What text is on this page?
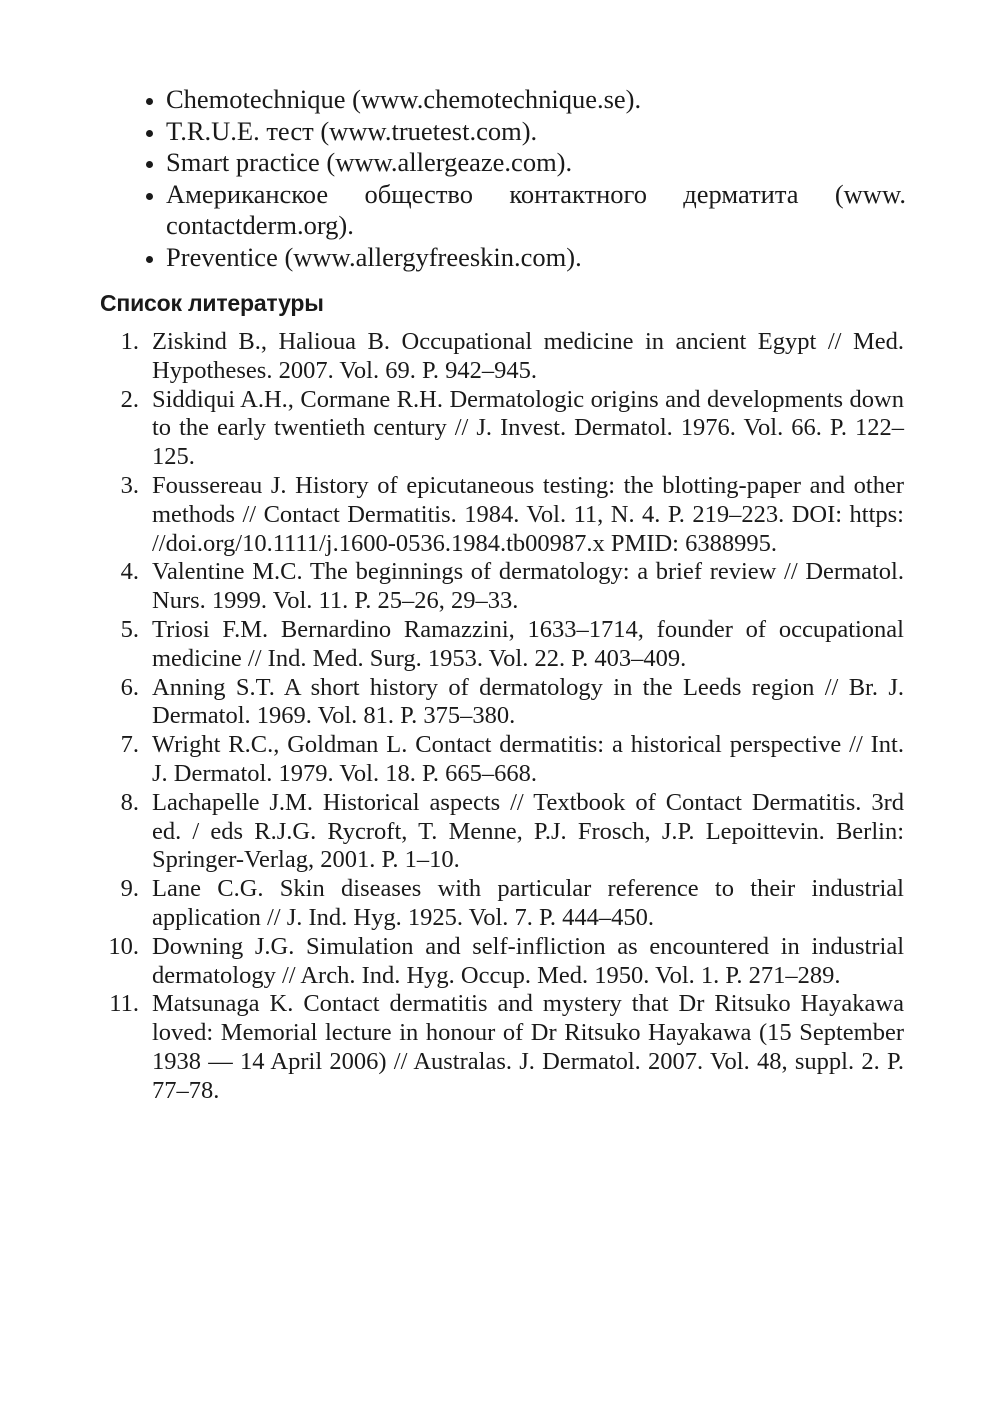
Chemotechnique (www.chemotechnique.se).
T.R.U.E. тест (www.truetest.com).
Smart practice (www.allergeaze.com).
Американское общество контактного дерматита (www. contactderm.org).
Preventice (www.allergyfreeskin.com).
Список литературы
1. Ziskind B., Halioua B. Occupational medicine in ancient Egypt // Med. Hypotheses. 2007. Vol. 69. P. 942–945.
2. Siddiqui A.H., Cormane R.H. Dermatologic origins and developments down to the early twentieth century // J. Invest. Dermatol. 1976. Vol. 66. P. 122–125.
3. Foussereau J. History of epicutaneous testing: the blotting-paper and other methods // Contact Dermatitis. 1984. Vol. 11, N. 4. P. 219–223. DOI: https: //doi.org/10.1111/j.1600-0536.1984.tb00987.x PMID: 6388995.
4. Valentine M.C. The beginnings of dermatology: a brief review // Dermatol. Nurs. 1999. Vol. 11. P. 25–26, 29–33.
5. Triosi F.M. Bernardino Ramazzini, 1633–1714, founder of occupational medicine // Ind. Med. Surg. 1953. Vol. 22. P. 403–409.
6. Anning S.T. A short history of dermatology in the Leeds region // Br. J. Dermatol. 1969. Vol. 81. P. 375–380.
7. Wright R.C., Goldman L. Contact dermatitis: a historical perspective // Int. J. Dermatol. 1979. Vol. 18. P. 665–668.
8. Lachapelle J.M. Historical aspects // Textbook of Contact Dermatitis. 3rd ed. / eds R.J.G. Rycroft, T. Menne, P.J. Frosch, J.P. Lepoittevin. Berlin: Springer-Verlag, 2001. P. 1–10.
9. Lane C.G. Skin diseases with particular reference to their industrial application // J. Ind. Hyg. 1925. Vol. 7. P. 444–450.
10. Downing J.G. Simulation and self-infliction as encountered in industrial dermatology // Arch. Ind. Hyg. Occup. Med. 1950. Vol. 1. P. 271–289.
11. Matsunaga K. Contact dermatitis and mystery that Dr Ritsuko Hayakawa loved: Memorial lecture in honour of Dr Ritsuko Hayakawa (15 September 1938 — 14 April 2006) // Australas. J. Dermatol. 2007. Vol. 48, suppl. 2. P. 77–78.
